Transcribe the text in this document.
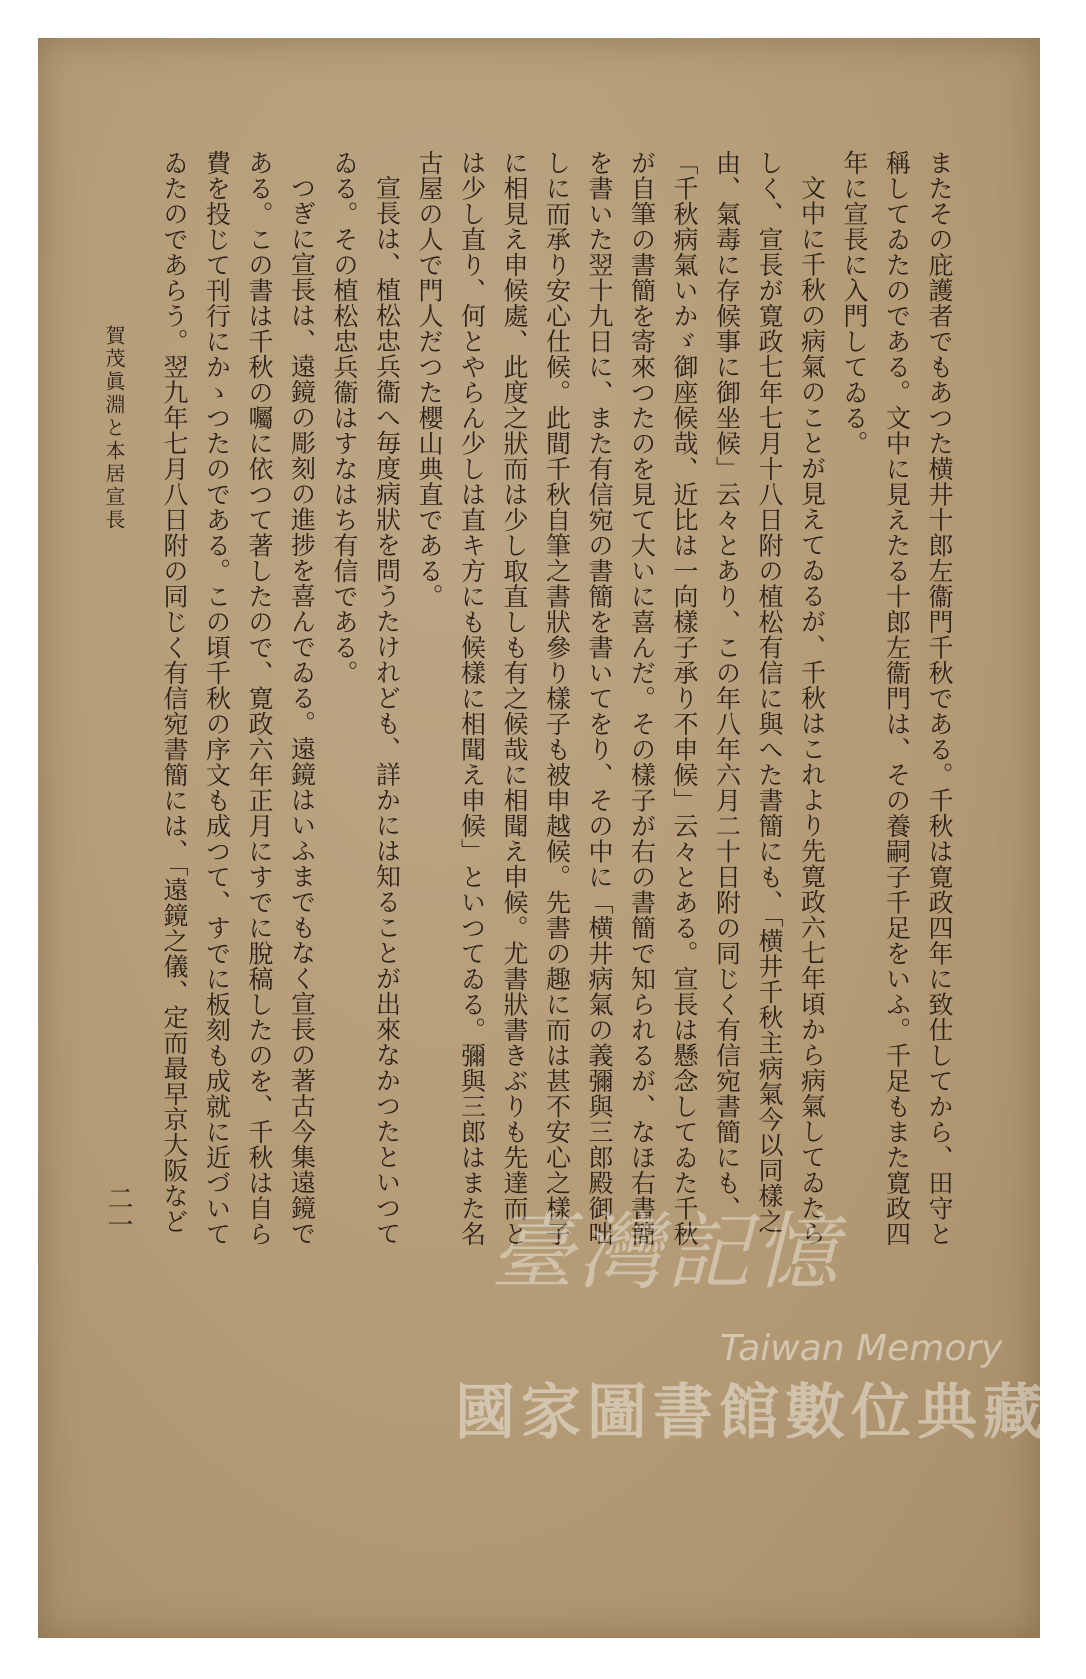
またその庇護者でもあつた横井十郎左衞門千秋である。千秋は寛政四年に致仕してから、田守と稱してゐたのである。文中に見えたる十郎左衞門は、その養嗣子千足をいふ。千足もまた寛政四年に宣長に入門してゐる。

文中に千秋の病氣のことが見えてゐるが、千秋はこれより先寛政六七年頃から病氣してゐたらしく、宣長が寛政七年七月十八日附の植松有信に與へた書簡にも、「横井千秋主病氣今以同樣之由、氣毒に存候事に御坐候」云々とあり、この年八年六月二十日附の同じく有信宛書簡にも、「千秋病氣いかゞ御座候哉、近比は一向樣子承り不申候」云々とある。宣長は懸念してゐた千秋が自筆の書簡を寄來つたのを見て大いに喜んだ。その樣子が右の書簡で知られるが、なほ右書簡を書いた翌十九日に、また有信宛の書簡を書いてをり、その中に「横井病氣の義彌與三郎殿御咄しに而承り安心仕候。此間千秋自筆之書狀參り樣子も被申越候。先書の趣に而は甚不安心之樣子に相見え申候處、此度之狀而は少し取直しも有之候哉に相聞え申候。尤書狀書きぶりも先達而とは少し直り、何とやらん少しは直キ方にも候樣に相聞え申候」といつてゐる。彌與三郎はまた名古屋の人で門人だつた櫻山典直である。

宣長は、植松忠兵衞へ毎度病狀を問うたけれども、詳かには知ることが出來なかつたといつてゐる。その植松忠兵衞はすなはち有信である。

つぎに宣長は、遠鏡の彫刻の進捗を喜んでゐる。遠鏡はいふまでもなく宣長の著古今集遠鏡である。この書は千秋の囑に依つて著したので、寛政六年正月にすでに脫稿したのを、千秋は自ら費を投じて刊行にかゝつたのである。この頃千秋の序文も成つて、すでに板刻も成就に近づいてゐたのであらう。翌九年七月八日附の同じく有信宛書簡には、「遠鏡之儀、定而最早京大阪など

賀茂眞淵と本居宣長
二一	臺灣記憶
Taiwan Memory
國家圖書館數位典藏
